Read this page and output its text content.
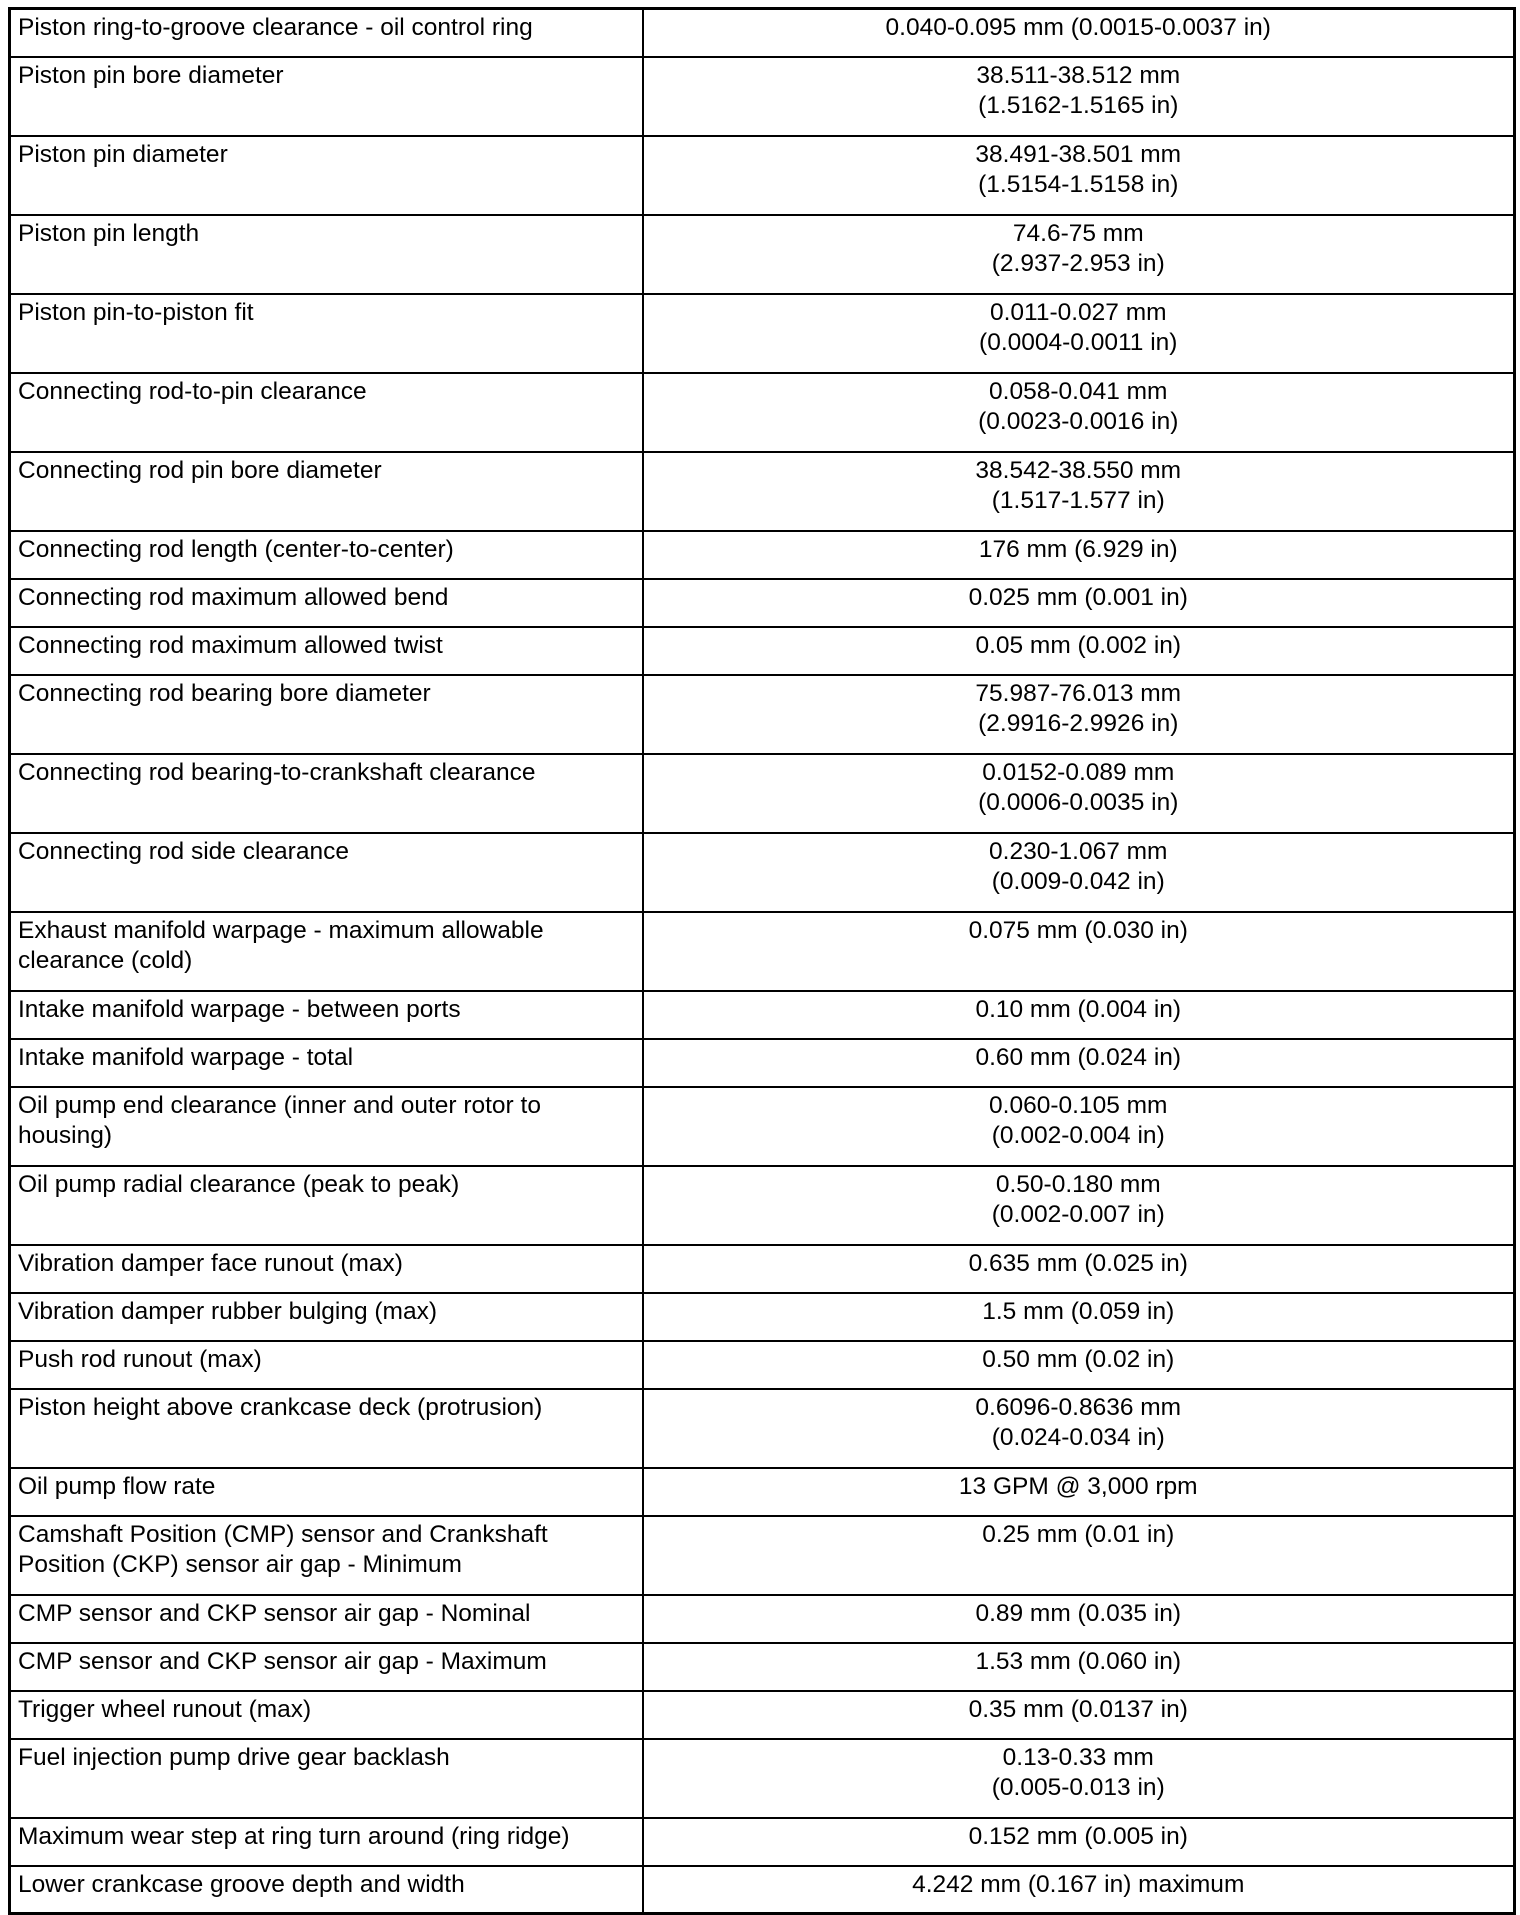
Piston ring-to-groove clearance - oil control ring	0.040-0.095 mm (0.0015-0.0037 in)

Piston pin bore diameter	38.511-38.512 mm
(1.5162-1.5165 in)

Piston pin diameter	38.491-38.501 mm
(1.5154-1.5158 in)

Piston pin length	74.6-75 mm
(2.937-2.953 in)

Piston pin-to-piston fit	0.011-0.027 mm
(0.0004-0.0011 in)

Connecting rod-to-pin clearance	0.058-0.041 mm
(0.0023-0.0016 in)

Connecting rod pin bore diameter	38.542-38.550 mm
(1.517-1.577 in)

Connecting rod length (center-to-center)	176 mm (6.929 in)

Connecting rod maximum allowed bend	0.025 mm (0.001 in)

Connecting rod maximum allowed twist	0.05 mm (0.002 in)

Connecting rod bearing bore diameter	75.987-76.013 mm
(2.9916-2.9926 in)

Connecting rod bearing-to-crankshaft clearance	0.0152-0.089 mm
(0.0006-0.0035 in)

Connecting rod side clearance	0.230-1.067 mm
(0.009-0.042 in)

Exhaust manifold warpage - maximum allowable
clearance (cold)	0.075 mm (0.030 in)

Intake manifold warpage - between ports	0.10 mm (0.004 in)

Intake manifold warpage - total	0.60 mm (0.024 in)

Oil pump end clearance (inner and outer rotor to
housing)	0.060-0.105 mm
(0.002-0.004 in)

Oil pump radial clearance (peak to peak)	0.50-0.180 mm
(0.002-0.007 in)

Vibration damper face runout (max)	0.635 mm (0.025 in)

Vibration damper rubber bulging (max)	1.5 mm (0.059 in)

Push rod runout (max)	0.50 mm (0.02 in)

Piston height above crankcase deck (protrusion)	0.6096-0.8636 mm
(0.024-0.034 in)

Oil pump flow rate	13 GPM @ 3,000 rpm

Camshaft Position (CMP) sensor and Crankshaft
Position (CKP) sensor air gap - Minimum	0.25 mm (0.01 in)

CMP sensor and CKP sensor air gap - Nominal	0.89 mm (0.035 in)

CMP sensor and CKP sensor air gap - Maximum	1.53 mm (0.060 in)

Trigger wheel runout (max)	0.35 mm (0.0137 in)

Fuel injection pump drive gear backlash	0.13-0.33 mm
(0.005-0.013 in)

Maximum wear step at ring turn around (ring ridge)	0.152 mm (0.005 in)

Lower crankcase groove depth and width	4.242 mm (0.167 in) maximum
